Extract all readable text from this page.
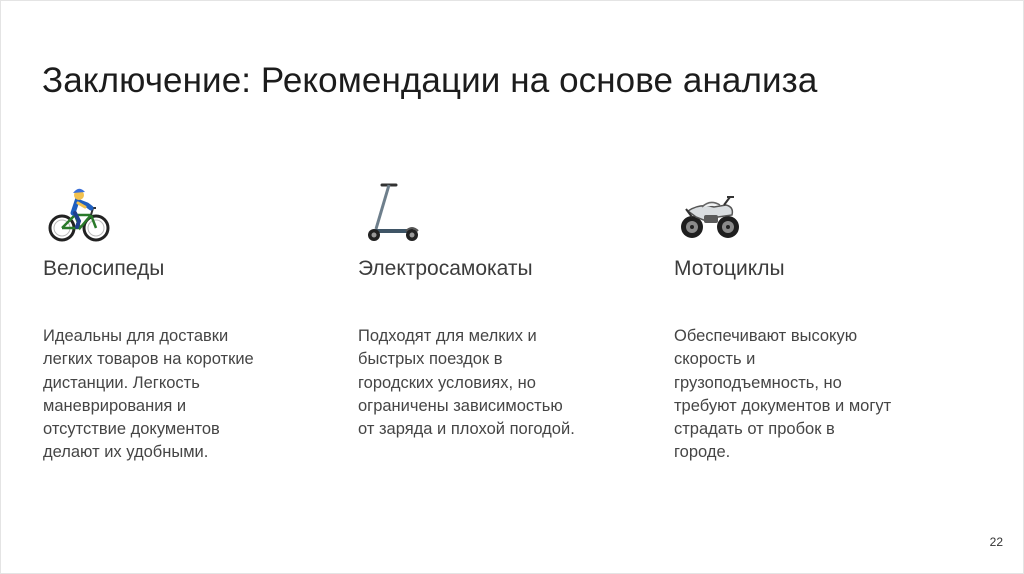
Заключение: Рекомендации на основе анализа
Велосипеды
Идеальны для доставки
легких товаров на короткие
дистанции. Легкость
маневрирования и
отсутствие документов
делают их удобными.
Электросамокаты
Подходят для мелких и
быстрых поездок в
городских условиях, но
ограничены зависимостью
от заряда и плохой погодой.
Мотоциклы
Обеспечивают высокую
скорость и
грузоподъемность, но
требуют документов и могут
страдать от пробок в
городе.
22
